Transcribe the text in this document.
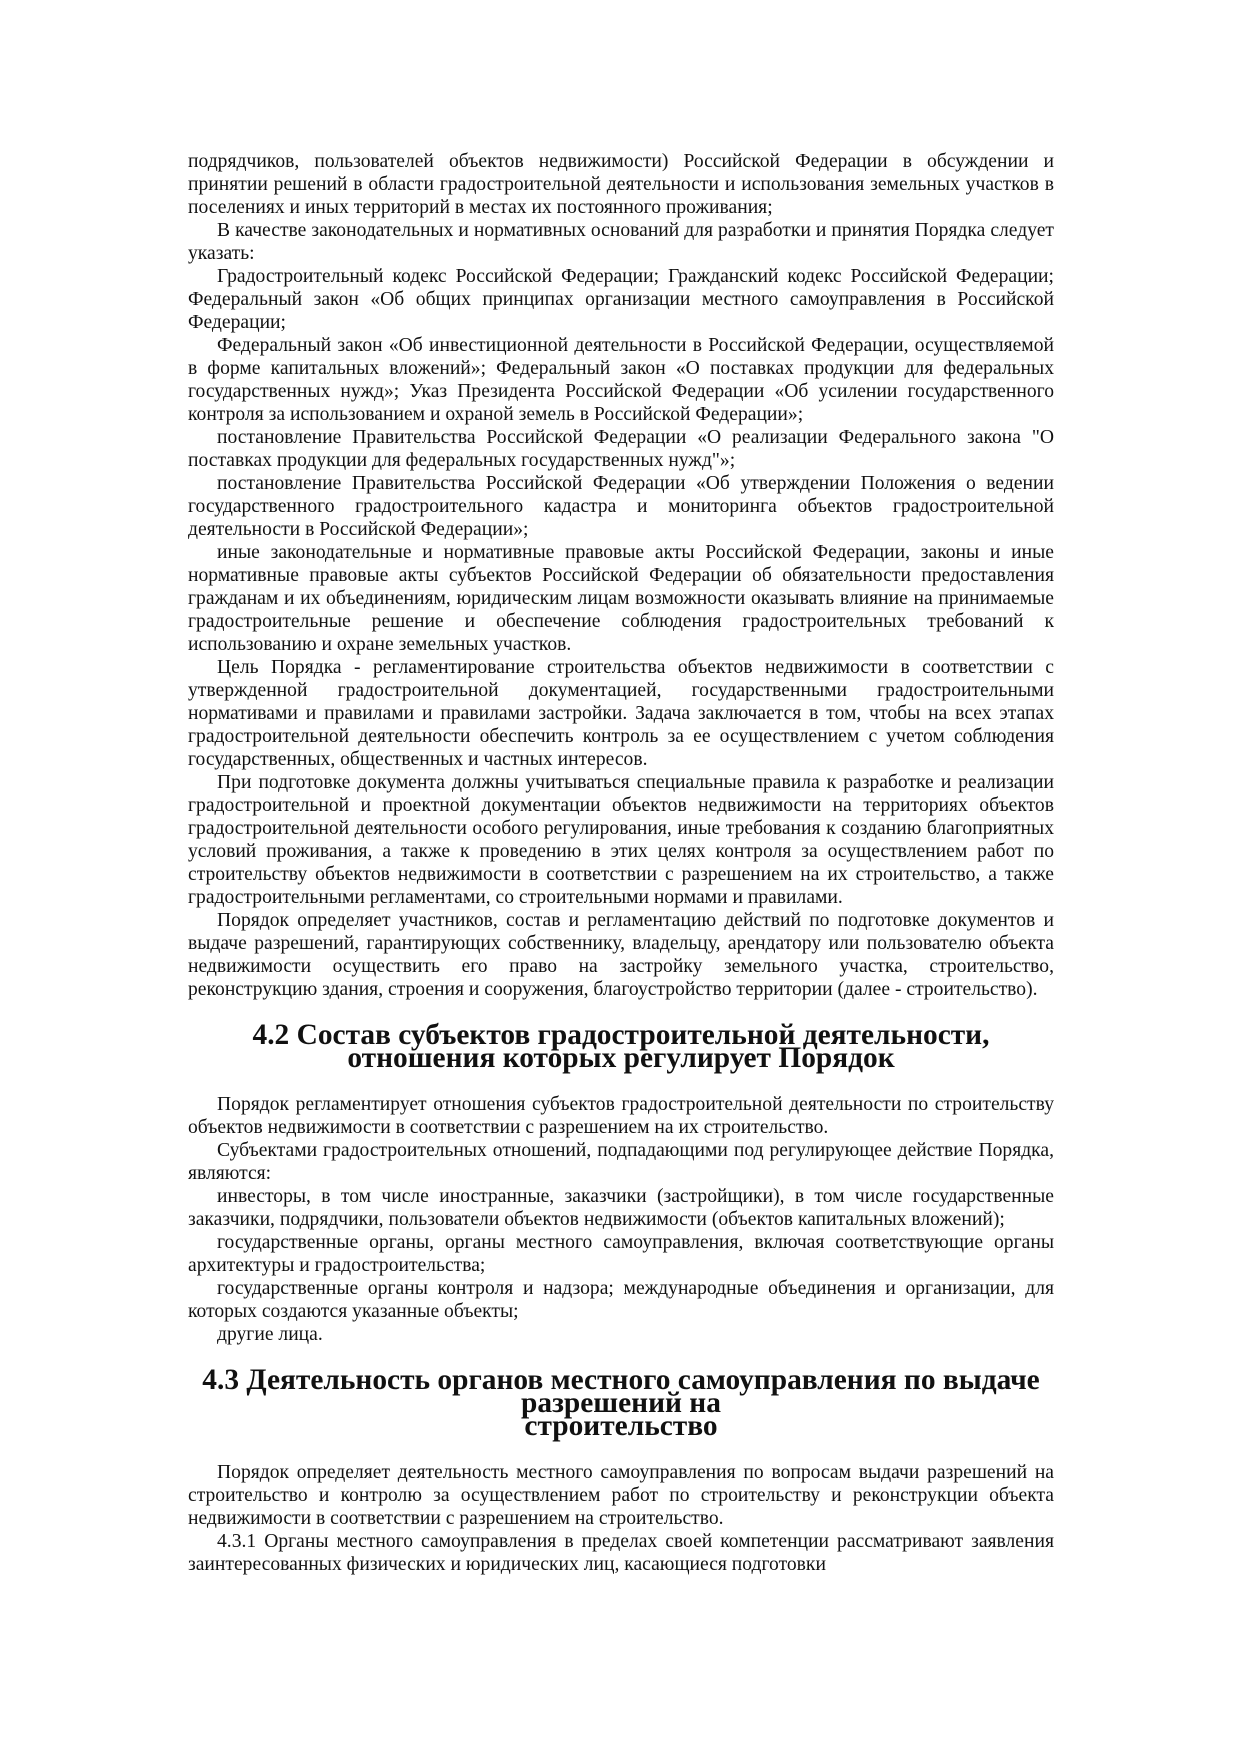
подрядчиков, пользователей объектов недвижимости) Российской Федерации в обсуждении и принятии решений в области градостроительной деятельности и использования земельных участков в поселениях и иных территорий в местах их постоянного проживания;

В качестве законодательных и нормативных оснований для разработки и принятия Порядка следует указать:

Градостроительный кодекс Российской Федерации; Гражданский кодекс Российской Федерации; Федеральный закон «Об общих принципах организации местного самоуправления в Российской Федерации;

Федеральный закон «Об инвестиционной деятельности в Российской Федерации, осуществляемой в форме капитальных вложений»; Федеральный закон «О поставках продукции для федеральных государственных нужд»; Указ Президента Российской Федерации «Об усилении государственного контроля за использованием и охраной земель в Российской Федерации»;

постановление Правительства Российской Федерации «О реализации Федерального закона "О поставках продукции для федеральных государственных нужд"»;

постановление Правительства Российской Федерации «Об утверждении Положения о ведении государственного градостроительного кадастра и мониторинга объектов градостроительной деятельности в Российской Федерации»;

иные законодательные и нормативные правовые акты Российской Федерации, законы и иные нормативные правовые акты субъектов Российской Федерации об обязательности предоставления гражданам и их объединениям, юридическим лицам возможности оказывать влияние на принимаемые градостроительные решение и обеспечение соблюдения градостроительных требований к использованию и охране земельных участков.

Цель Порядка - регламентирование строительства объектов недвижимости в соответствии с утвержденной градостроительной документацией, государственными градостроительными нормативами и правилами и правилами застройки. Задача заключается в том, чтобы на всех этапах градостроительной деятельности обеспечить контроль за ее осуществлением с учетом соблюдения государственных, общественных и частных интересов.

При подготовке документа должны учитываться специальные правила к разработке и реализации градостроительной и проектной документации объектов недвижимости на территориях объектов градостроительной деятельности особого регулирования, иные требования к созданию благоприятных условий проживания, а также к проведению в этих целях контроля за осуществлением работ по строительству объектов недвижимости в соответствии с разрешением на их строительство, а также градостроительными регламентами, со строительными нормами и правилами.

Порядок определяет участников, состав и регламентацию действий по подготовке документов и выдаче разрешений, гарантирующих собственнику, владельцу, арендатору или пользователю объекта недвижимости осуществить его право на застройку земельного участка, строительство, реконструкцию здания, строения и сооружения, благоустройство территории (далее - строительство).

4.2 Состав субъектов градостроительной деятельности,
отношения которых регулирует Порядок

Порядок регламентирует отношения субъектов градостроительной деятельности по строительству объектов недвижимости в соответствии с разрешением на их строительство.

Субъектами градостроительных отношений, подпадающими под регулирующее действие Порядка, являются:

инвесторы, в том числе иностранные, заказчики (застройщики), в том числе государственные заказчики, подрядчики, пользователи объектов недвижимости (объектов капитальных вложений);

государственные органы, органы местного самоуправления, включая соответствующие органы архитектуры и градостроительства;

государственные органы контроля и надзора; международные объединения и организации, для которых создаются указанные объекты;

другие лица.

4.3 Деятельность органов местного самоуправления по выдаче разрешений на
строительство

Порядок определяет деятельность местного самоуправления по вопросам выдачи разрешений на строительство и контролю за осуществлением работ по строительству и реконструкции объекта недвижимости в соответствии с разрешением на строительство.

4.3.1 Органы местного самоуправления в пределах своей компетенции рассматривают заявления заинтересованных физических и юридических лиц, касающиеся подготовки
